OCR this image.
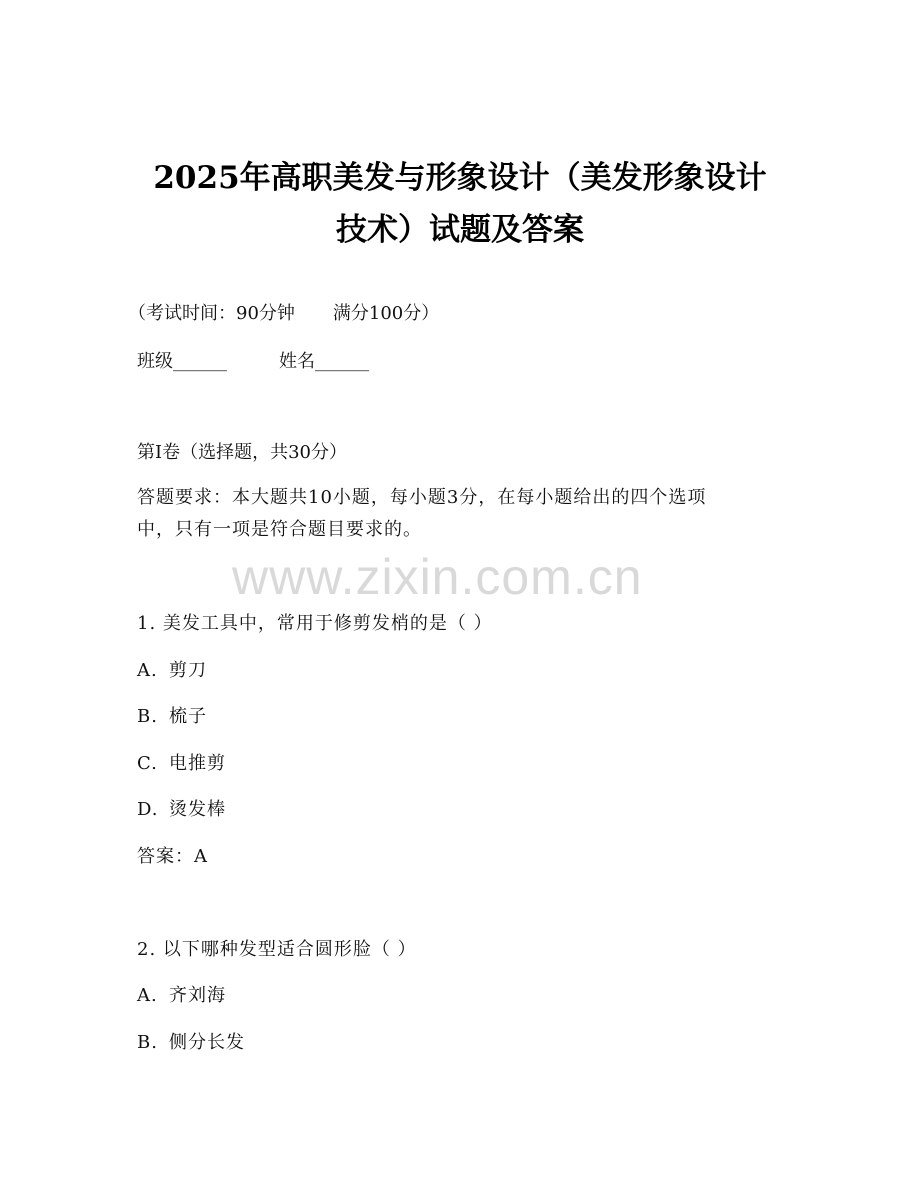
2025年高职美发与形象设计（美发形象设计
技术）试题及答案
（考试时间：90分钟 满分100分）
班级______	姓名______
第I卷（选择题，共30分）
答题要求：本大题共10小题，每小题3分，在每小题给出的四个选项
中，只有一项是符合题目要求的。
www.zixin.com.cn
1. 美发工具中，常用于修剪发梢的是（ ）
A. 剪刀
B. 梳子
C. 电推剪
D. 烫发棒
答案：A
2. 以下哪种发型适合圆形脸（ ）
A. 齐刘海
B. 侧分长发
